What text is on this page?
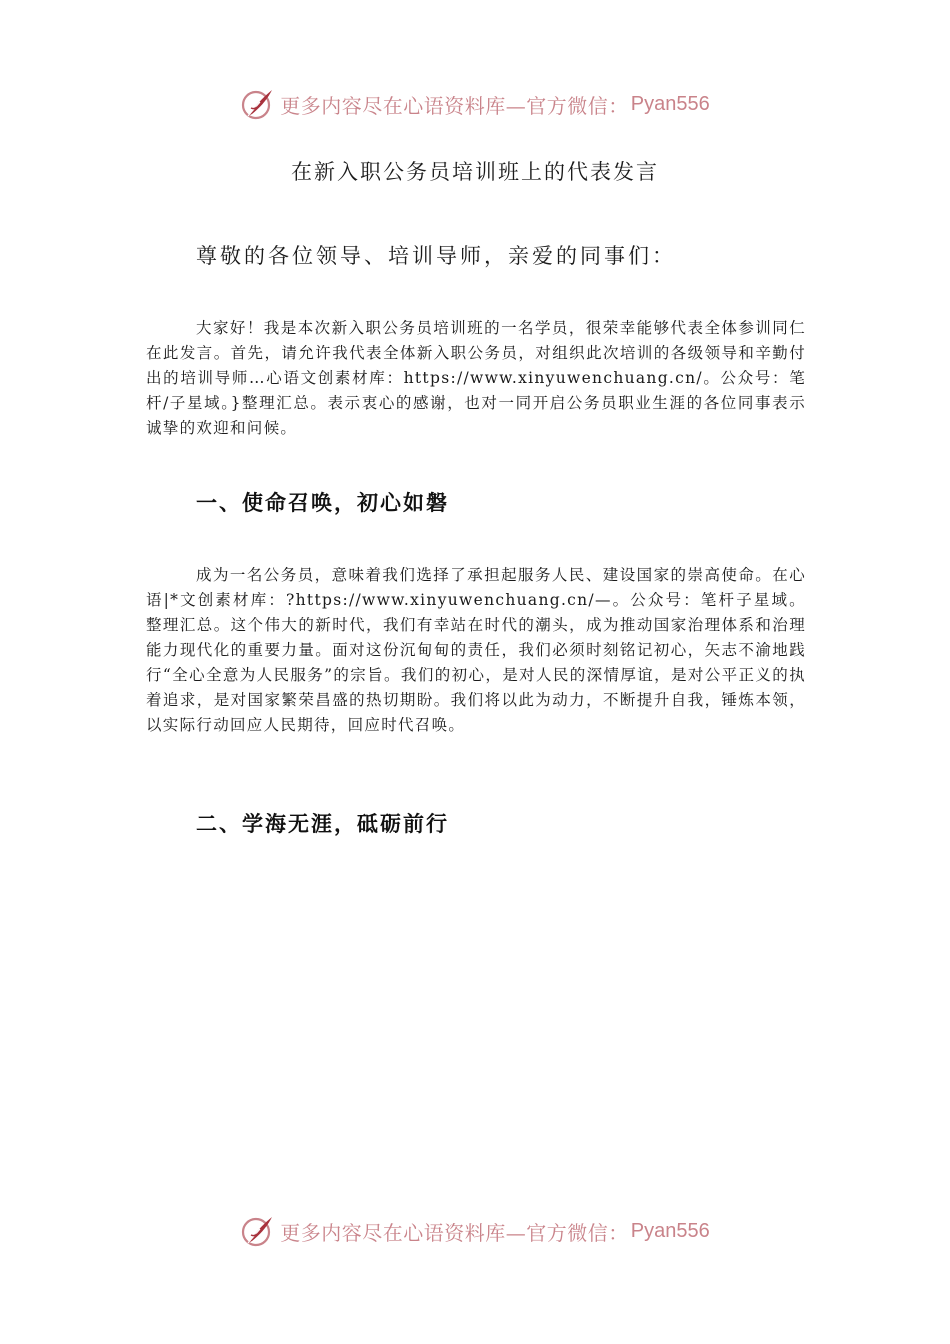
更多内容尽在心语资料库—官方微信： Pyan556
在新入职公务员培训班上的代表发言
尊敬的各位领导、培训导师，亲爱的同事们：
大家好！我是本次新入职公务员培训班的一名学员，很荣幸能够代表全体参训同仁在此发言。首先，请允许我代表全体新入职公务员，对组织此次培训的各级领导和辛勤付出的培训导师…心语文创素材库：https://www.xinyuwenchuang.cn/。公众号：笔杆/子星域。}整理汇总。表示衷心的感谢，也对一同开启公务员职业生涯的各位同事表示诚挚的欢迎和问候。
一、使命召唤，初心如磐
成为一名公务员，意味着我们选择了承担起服务人民、建设国家的崇高使命。在心语|*文创素材库：?https://www.xinyuwenchuang.cn/—。公众号：笔杆子星域。整理汇总。这个伟大的新时代，我们有幸站在时代的潮头，成为推动国家治理体系和治理能力现代化的重要力量。面对这份沉甸甸的责任，我们必须时刻铭记初心，矢志不渝地践行“全心全意为人民服务”的宗旨。我们的初心，是对人民的深情厚谊，是对公平正义的执着追求，是对国家繁荣昌盛的热切期盼。我们将以此为动力，不断提升自我，锤炼本领，以实际行动回应人民期待，回应时代召唤。
二、学海无涯，砥砺前行
更多内容尽在心语资料库—官方微信： Pyan556
